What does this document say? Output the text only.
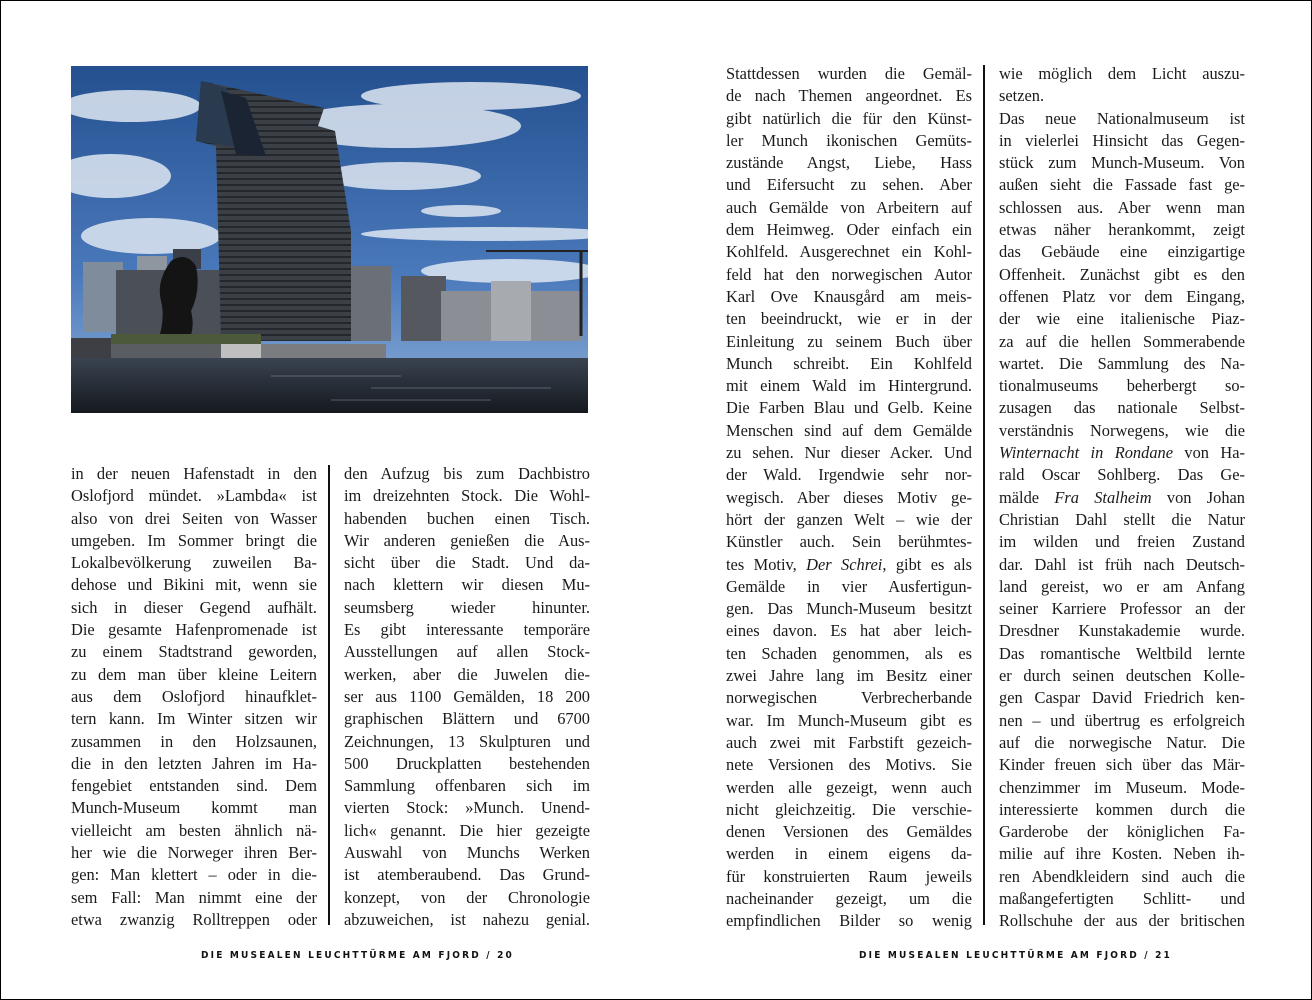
in der neuen Hafenstadt in den
Oslofjord mündet. »Lambda« ist
also von drei Seiten von Wasser
umgeben. Im Sommer bringt die
Lokalbevölkerung zuweilen Ba-
dehose und Bikini mit, wenn sie
sich in dieser Gegend aufhält.
Die gesamte Hafenpromenade ist
zu einem Stadtstrand geworden,
zu dem man über kleine Leitern
aus dem Oslofjord hinaufklet-
tern kann. Im Winter sitzen wir
zusammen in den Holzsaunen,
die in den letzten Jahren im Ha-
fengebiet entstanden sind. Dem
Munch-Museum kommt man
vielleicht am besten ähnlich nä-
her wie die Norweger ihren Ber-
gen: Man klettert – oder in die-
sem Fall: Man nimmt eine der
etwa zwanzig Rolltreppen oder
den Aufzug bis zum Dachbistro
im dreizehnten Stock. Die Wohl-
habenden buchen einen Tisch.
Wir anderen genießen die Aus-
sicht über die Stadt. Und da-
nach klettern wir diesen Mu-
seumsberg wieder hinunter.
Es gibt interessante temporäre
Ausstellungen auf allen Stock-
werken, aber die Juwelen die-
ser aus 1100 Gemälden, 18 200
graphischen Blättern und 6700
Zeichnungen, 13 Skulpturen und
500 Druckplatten bestehenden
Sammlung offenbaren sich im
vierten Stock: »Munch. Unend-
lich« genannt. Die hier gezeigte
Auswahl von Munchs Werken
ist atemberaubend. Das Grund-
konzept, von der Chronologie
abzuweichen, ist nahezu genial.
DIE MUSEALEN LEUCHTTÜRME AM FJORD / 20
Stattdessen wurden die Gemäl-
de nach Themen angeordnet. Es
gibt natürlich die für den Künst-
ler Munch ikonischen Gemüts-
zustände Angst, Liebe, Hass
und Eifersucht zu sehen. Aber
auch Gemälde von Arbeitern auf
dem Heimweg. Oder einfach ein
Kohlfeld. Ausgerechnet ein Kohl-
feld hat den norwegischen Autor
Karl Ove Knausgård am meis-
ten beeindruckt, wie er in der
Einleitung zu seinem Buch über
Munch schreibt. Ein Kohlfeld
mit einem Wald im Hintergrund.
Die Farben Blau und Gelb. Keine
Menschen sind auf dem Gemälde
zu sehen. Nur dieser Acker. Und
der Wald. Irgendwie sehr nor-
wegisch. Aber dieses Motiv ge-
hört der ganzen Welt – wie der
Künstler auch. Sein berühmtes-
tes Motiv, Der Schrei, gibt es als
Gemälde in vier Ausfertigun-
gen. Das Munch-Museum besitzt
eines davon. Es hat aber leich-
ten Schaden genommen, als es
zwei Jahre lang im Besitz einer
norwegischen Verbrecherbande
war. Im Munch-Museum gibt es
auch zwei mit Farbstift gezeich-
nete Versionen des Motivs. Sie
werden alle gezeigt, wenn auch
nicht gleichzeitig. Die verschie-
denen Versionen des Gemäldes
werden in einem eigens da-
für konstruierten Raum jeweils
nacheinander gezeigt, um die
empfindlichen Bilder so wenig
wie möglich dem Licht auszu-
setzen.
Das neue Nationalmuseum ist
in vielerlei Hinsicht das Gegen-
stück zum Munch-Museum. Von
außen sieht die Fassade fast ge-
schlossen aus. Aber wenn man
etwas näher herankommt, zeigt
das Gebäude eine einzigartige
Offenheit. Zunächst gibt es den
offenen Platz vor dem Eingang,
der wie eine italienische Piaz-
za auf die hellen Sommerabende
wartet. Die Sammlung des Na-
tionalmuseums beherbergt so-
zusagen das nationale Selbst-
verständnis Norwegens, wie die
Winternacht in Rondane von Ha-
rald Oscar Sohlberg. Das Ge-
mälde Fra Stalheim von Johan
Christian Dahl stellt die Natur
im wilden und freien Zustand
dar. Dahl ist früh nach Deutsch-
land gereist, wo er am Anfang
seiner Karriere Professor an der
Dresdner Kunstakademie wurde.
Das romantische Weltbild lernte
er durch seinen deutschen Kolle-
gen Caspar David Friedrich ken-
nen – und übertrug es erfolgreich
auf die norwegische Natur. Die
Kinder freuen sich über das Mär-
chenzimmer im Museum. Mode-
interessierte kommen durch die
Garderobe der königlichen Fa-
milie auf ihre Kosten. Neben ih-
ren Abendkleidern sind auch die
maßangefertigten Schlitt- und
Rollschuhe der aus der britischen
DIE MUSEALEN LEUCHTTÜRME AM FJORD / 21
